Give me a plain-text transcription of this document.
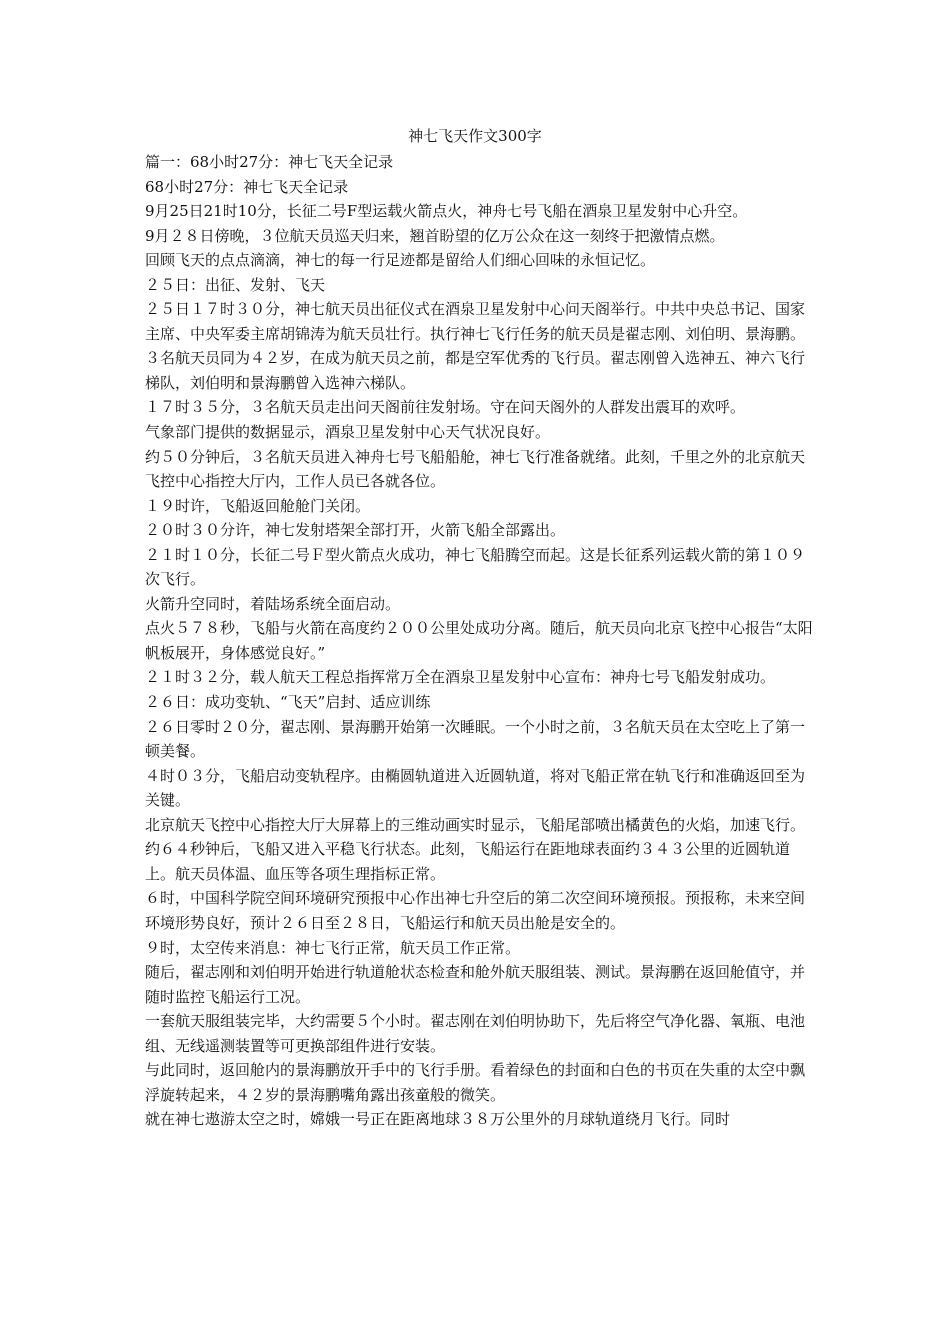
神七飞天作文300字

篇一：68小时27分：神七飞天全记录

68小时27分：神七飞天全记录

9月25日21时10分，长征二号F型运载火箭点火，神舟七号飞船在酒泉卫星发射中心升空。

9月２８日傍晚，３位航天员巡天归来，翘首盼望的亿万公众在这一刻终于把激情点燃。

回顾飞天的点点滴滴，神七的每一行足迹都是留给人们细心回味的永恒记忆。

２５日：出征、发射、飞天

２５日１７时３０分，神七航天员出征仪式在酒泉卫星发射中心问天阁举行。中共中央总书记、国家主席、中央军委主席胡锦涛为航天员壮行。执行神七飞行任务的航天员是翟志刚、刘伯明、景海鹏。

３名航天员同为４２岁，在成为航天员之前，都是空军优秀的飞行员。翟志刚曾入选神五、神六飞行梯队，刘伯明和景海鹏曾入选神六梯队。

１７时３５分，３名航天员走出问天阁前往发射场。守在问天阁外的人群发出震耳的欢呼。

气象部门提供的数据显示，酒泉卫星发射中心天气状况良好。

约５０分钟后，３名航天员进入神舟七号飞船船舱，神七飞行准备就绪。此刻，千里之外的北京航天飞控中心指控大厅内，工作人员已各就各位。

１９时许，飞船返回舱舱门关闭。

２０时３０分许，神七发射塔架全部打开，火箭飞船全部露出。

２１时１０分，长征二号Ｆ型火箭点火成功，神七飞船腾空而起。这是长征系列运载火箭的第１０９次飞行。

火箭升空同时，着陆场系统全面启动。

点火５７８秒，飞船与火箭在高度约２００公里处成功分离。随后，航天员向北京飞控中心报告“太阳帆板展开，身体感觉良好。”

２１时３２分，载人航天工程总指挥常万全在酒泉卫星发射中心宣布：神舟七号飞船发射成功。

２６日：成功变轨、“飞天”启封、适应训练

２６日零时２０分，翟志刚、景海鹏开始第一次睡眠。一个小时之前，３名航天员在太空吃上了第一顿美餐。

４时０３分，飞船启动变轨程序。由椭圆轨道进入近圆轨道，将对飞船正常在轨飞行和准确返回至为关键。

北京航天飞控中心指控大厅大屏幕上的三维动画实时显示，飞船尾部喷出橘黄色的火焰，加速飞行。约６４秒钟后，飞船又进入平稳飞行状态。此刻，飞船运行在距地球表面约３４３公里的近圆轨道上。航天员体温、血压等各项生理指标正常。

６时，中国科学院空间环境研究预报中心作出神七升空后的第二次空间环境预报。预报称，未来空间环境形势良好，预计２６日至２８日，飞船运行和航天员出舱是安全的。

９时，太空传来消息：神七飞行正常，航天员工作正常。

随后，翟志刚和刘伯明开始进行轨道舱状态检查和舱外航天服组装、测试。景海鹏在返回舱值守，并随时监控飞船运行工况。

一套航天服组装完毕，大约需要５个小时。翟志刚在刘伯明协助下，先后将空气净化器、氧瓶、电池组、无线遥测装置等可更换部组件进行安装。

与此同时，返回舱内的景海鹏放开手中的飞行手册。看着绿色的封面和白色的书页在失重的太空中飘浮旋转起来，４２岁的景海鹏嘴角露出孩童般的微笑。

就在神七遨游太空之时，嫦娥一号正在距离地球３８万公里外的月球轨道绕月飞行。同时
